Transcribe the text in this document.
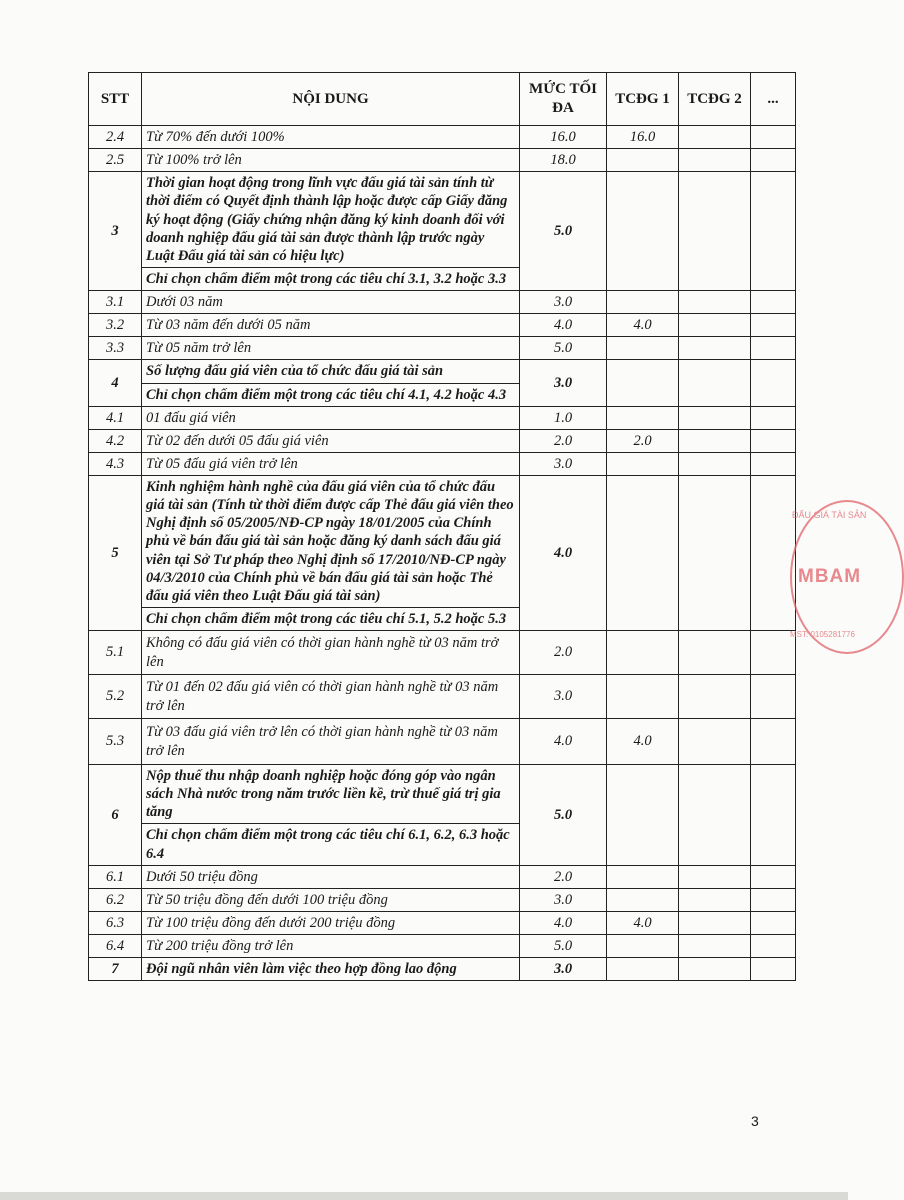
STT	NỘI DUNG	MỨC TỐI ĐA	TCĐG 1	TCĐG 2	...
2.4	Từ 70% đến dưới 100%	16.0	16.0		
2.5	Từ 100% trở lên	18.0			
3	Thời gian hoạt động trong lĩnh vực đấu giá tài sản tính từ thời điểm có Quyết định thành lập hoặc được cấp Giấy đăng ký hoạt động (Giấy chứng nhận đăng ký kinh doanh đối với doanh nghiệp đấu giá tài sản được thành lập trước ngày Luật Đấu giá tài sản có hiệu lực)	5.0			
	Chỉ chọn chấm điểm một trong các tiêu chí 3.1, 3.2 hoặc 3.3				
3.1	Dưới 03 năm	3.0			
3.2	Từ 03 năm đến dưới 05 năm	4.0	4.0		
3.3	Từ 05 năm trở lên	5.0			
4	Số lượng đấu giá viên của tổ chức đấu giá tài sản	3.0			
	Chỉ chọn chấm điểm một trong các tiêu chí 4.1, 4.2 hoặc 4.3				
4.1	01 đấu giá viên	1.0			
4.2	Từ 02 đến dưới 05 đấu giá viên	2.0	2.0		
4.3	Từ 05 đấu giá viên trở lên	3.0			
5	Kinh nghiệm hành nghề của đấu giá viên của tổ chức đấu giá tài sản (Tính từ thời điểm được cấp Thẻ đấu giá viên theo Nghị định số 05/2005/NĐ-CP ngày 18/01/2005 của Chính phủ về bán đấu giá tài sản hoặc đăng ký danh sách đấu giá viên tại Sở Tư pháp theo Nghị định số 17/2010/NĐ-CP ngày 04/3/2010 của Chính phủ về bán đấu giá tài sản hoặc Thẻ đấu giá viên theo Luật Đấu giá tài sản)	4.0			
	Chỉ chọn chấm điểm một trong các tiêu chí 5.1, 5.2 hoặc 5.3				
5.1	Không có đấu giá viên có thời gian hành nghề từ 03 năm trở lên	2.0			
5.2	Từ 01 đến 02 đấu giá viên có thời gian hành nghề từ 03 năm trở lên	3.0			
5.3	Từ 03 đấu giá viên trở lên có thời gian hành nghề từ 03 năm trở lên	4.0	4.0		
6	Nộp thuế thu nhập doanh nghiệp hoặc đóng góp vào ngân sách Nhà nước trong năm trước liền kề, trừ thuế giá trị gia tăng	5.0			
	Chỉ chọn chấm điểm một trong các tiêu chí 6.1, 6.2, 6.3 hoặc 6.4				
6.1	Dưới 50 triệu đồng	2.0			
6.2	Từ 50 triệu đồng đến dưới 100 triệu đồng	3.0			
6.3	Từ 100 triệu đồng đến dưới 200 triệu đồng	4.0	4.0		
6.4	Từ 200 triệu đồng trở lên	5.0			
7	Đội ngũ nhân viên làm việc theo hợp đồng lao động	3.0			
ĐẤU GIÁ TÀI SẢN
MBAM
MST: 0105281776
3
